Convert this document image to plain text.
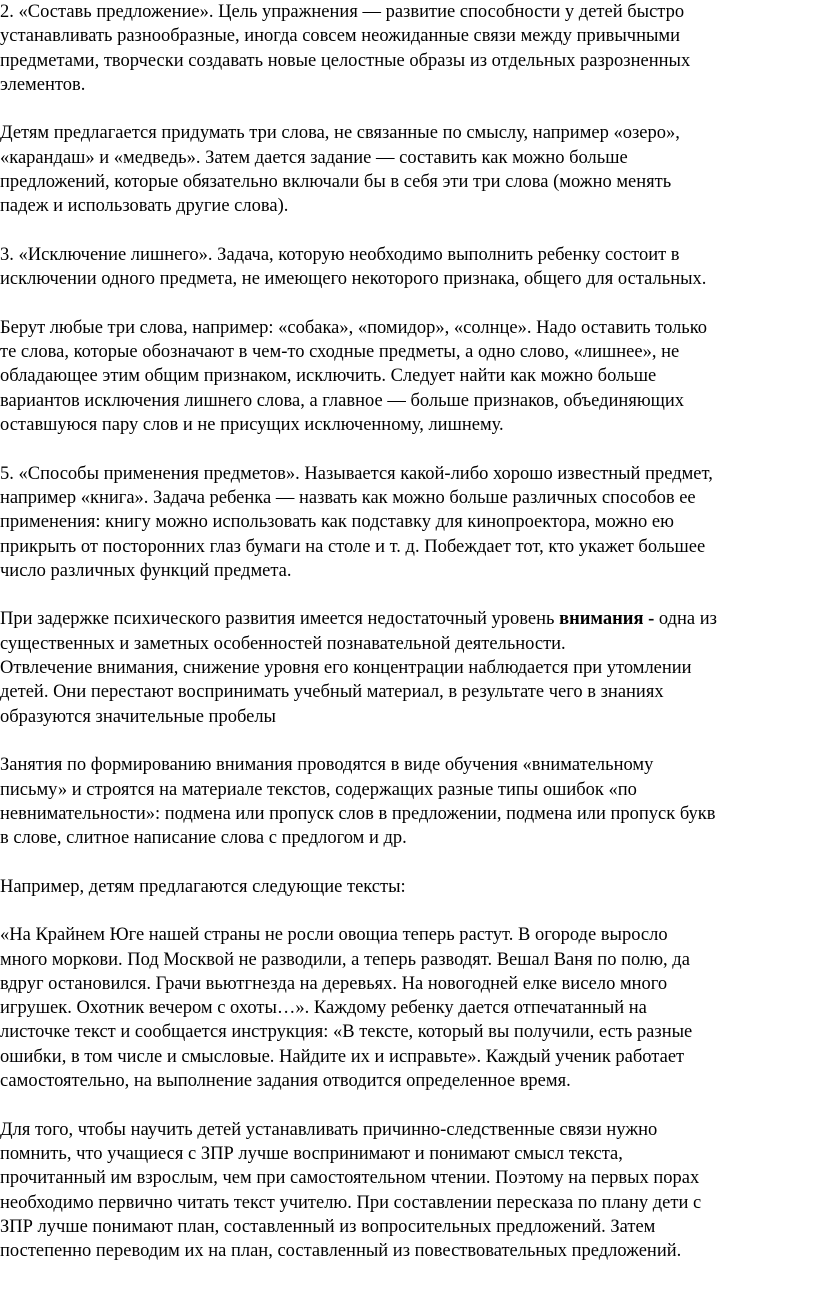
2. «Составь предложение». Цель упражнения — развитие способности у детей быстро
устанавливать разнообразные, иногда совсем неожиданные связи между привычными
предметами, творчески создавать новые целостные образы из отдельных разрозненных
элементов.
Детям предлагается придумать три слова, не связанные по смыслу, например «озеро»,
«карандаш» и «медведь». Затем дается задание — составить как можно больше
предложений, которые обязательно включали бы в себя эти три слова (можно менять
падеж и использовать другие слова).
3. «Исключение лишнего». Задача, которую необходимо выполнить ребенку состоит в
исключении одного предмета, не имеющего некоторого признака, общего для остальных.
Берут любые три слова, например: «собака», «помидор», «солнце». Надо оставить только
те слова, которые обозначают в чем-то сходные предметы, а одно слово, «лишнее», не
обладающее этим общим признаком, исключить. Следует найти как можно больше
вариантов исключения лишнего слова, а главное — больше признаков, объединяющих
оставшуюся пару слов и не присущих исключенному, лишнему.
5. «Способы применения предметов». Называется какой-либо хорошо известный предмет,
например «книга». Задача ребенка — назвать как можно больше различных способов ее
применения: книгу можно использовать как подставку для кинопроектора, можно ею
прикрыть от посторонних глаз бумаги на столе и т. д. Побеждает тот, кто укажет большее
число различных функций предмета.
При задержке психического развития имеется недостаточный уровень внимания - одна из
существенных и заметных особенностей познавательной деятельности.
Отвлечение внимания, снижение уровня его концентрации наблюдается при утомлении
детей. Они перестают воспринимать учебный материал, в результате чего в знаниях
образуются значительные пробелы
Занятия по формированию внимания проводятся в виде обучения «внимательному
письму» и строятся на материале текстов, содержащих разные типы ошибок «по
невнимательности»: подмена или пропуск слов в предложении, подмена или пропуск букв
в слове, слитное написание слова с предлогом и др.
Например, детям предлагаются следующие тексты:
«На Крайнем Юге нашей страны не росли овощиа теперь растут. В огороде выросло
много моркови. Под Москвой не разводили, а теперь разводят. Вешал Ваня по полю, да
вдруг остановился. Грачи вьютгнезда на деревьях. На новогодней елке висело много
игрушек. Охотник вечером с охоты…». Каждому ребенку дается отпечатанный на
листочке текст и сообщается инструкция: «В тексте, который вы получили, есть разные
ошибки, в том числе и смысловые. Найдите их и исправьте». Каждый ученик работает
самостоятельно, на выполнение задания отводится определенное время.
Для того, чтобы научить детей устанавливать причинно-следственные связи нужно
помнить, что учащиеся с ЗПР лучше воспринимают и понимают смысл текста,
прочитанный им взрослым, чем при самостоятельном чтении. Поэтому на первых порах
необходимо первично читать текст учителю. При составлении пересказа по плану дети с
ЗПР лучше понимают план, составленный из вопросительных предложений. Затем
постепенно переводим их на план, составленный из повествовательных предложений.
